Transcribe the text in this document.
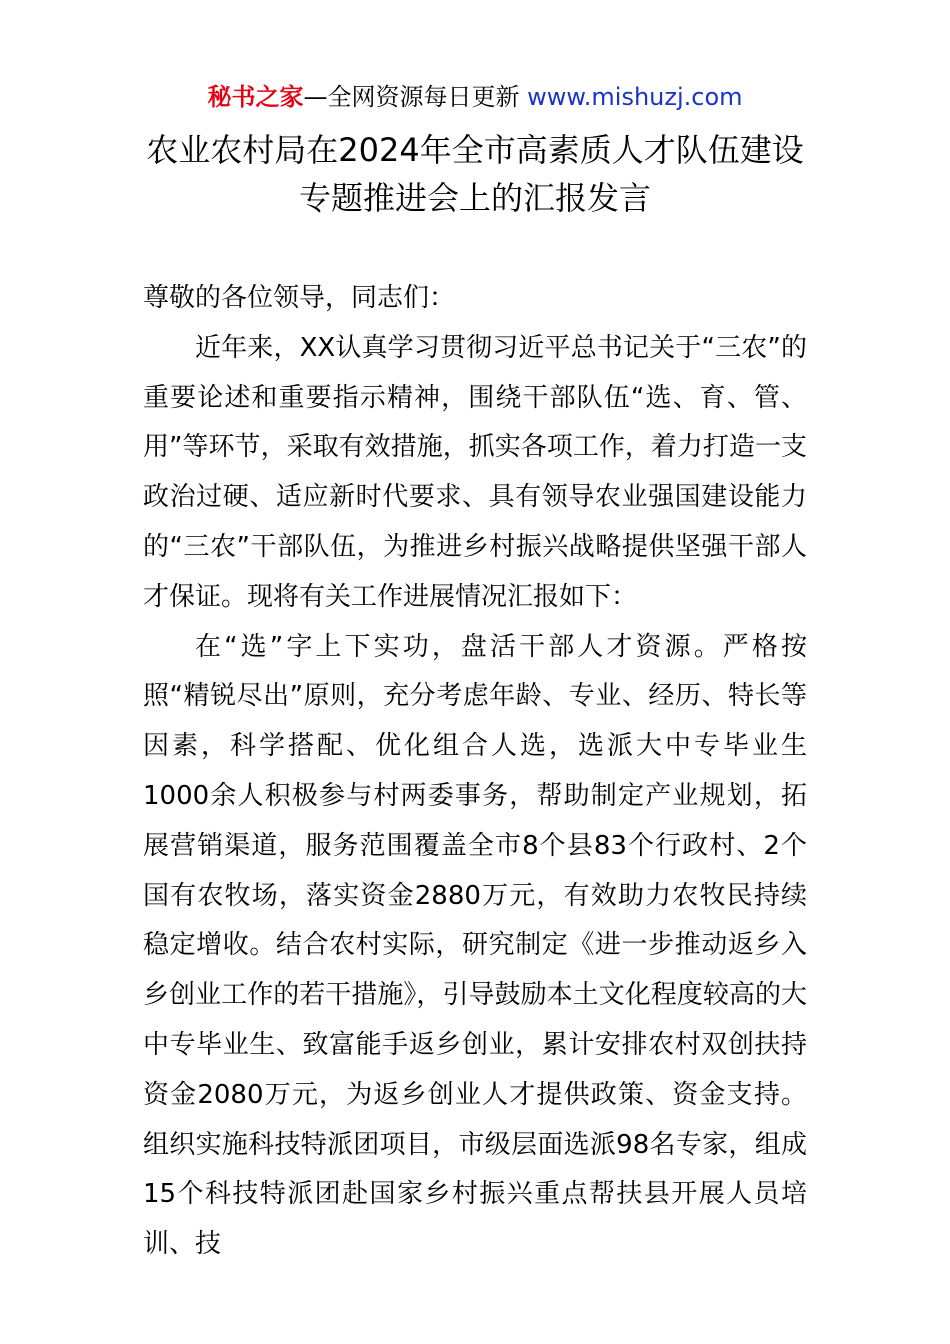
秘书之家—全网资源每日更新 www.mishuzj.com
农业农村局在2024年全市高素质人才队伍建设
专题推进会上的汇报发言

尊敬的各位领导，同志们：

近年来，XX认真学习贯彻习近平总书记关于“三农”的重要论述和重要指示精神，围绕干部队伍“选、育、管、用”等环节，采取有效措施，抓实各项工作，着力打造一支政治过硬、适应新时代要求、具有领导农业强国建设能力的“三农”干部队伍，为推进乡村振兴战略提供坚强干部人才保证。现将有关工作进展情况汇报如下：

在“选”字上下实功，盘活干部人才资源。严格按照“精锐尽出”原则，充分考虑年龄、专业、经历、特长等因素，科学搭配、优化组合人选，选派大中专毕业生1000余人积极参与村两委事务，帮助制定产业规划，拓展营销渠道，服务范围覆盖全市8个县83个行政村、2个国有农牧场，落实资金2880万元，有效助力农牧民持续稳定增收。结合农村实际，研究制定《进一步推动返乡入乡创业工作的若干措施》，引导鼓励本土文化程度较高的大中专毕业生、致富能手返乡创业，累计安排农村双创扶持资金2080万元，为返乡创业人才提供政策、资金支持。组织实施科技特派团项目，市级层面选派98名专家，组成15个科技特派团赴国家乡村振兴重点帮扶县开展人员培训、技
